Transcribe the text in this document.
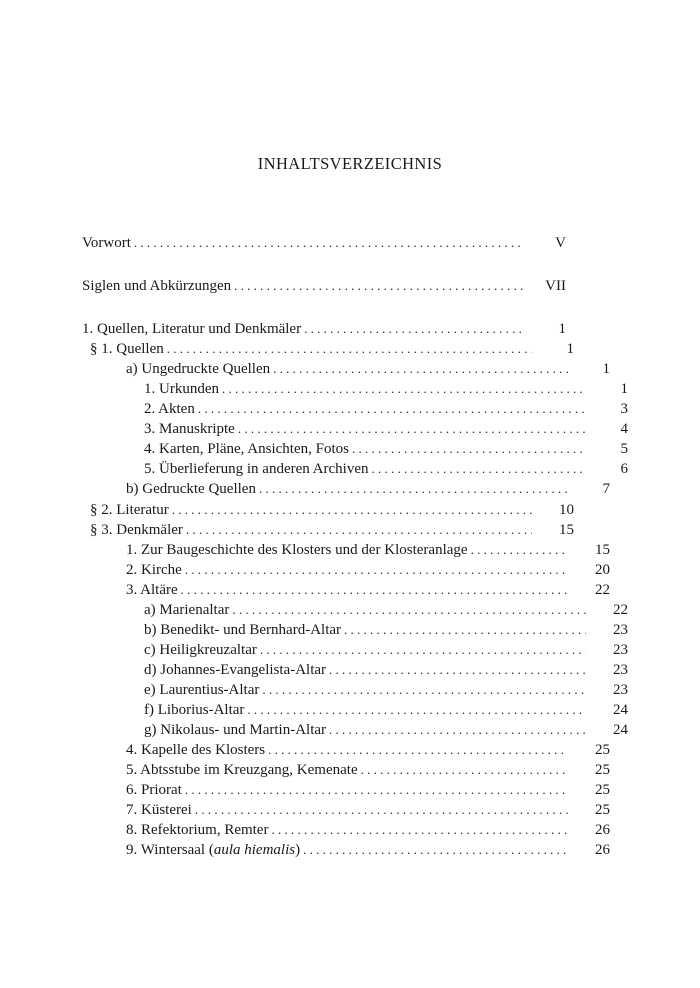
INHALTSVERZEICHNIS
Vorwort . . .	V
Siglen und Abkürzungen . . .	VII
1. Quellen, Literatur und Denkmäler . . .	1
§ 1. Quellen . . .	1
a) Ungedruckte Quellen . . .	1
1. Urkunden . . .	1
2. Akten . . .	3
3. Manuskripte . . .	4
4. Karten, Pläne, Ansichten, Fotos . . .	5
5. Überlieferung in anderen Archiven . . .	6
b) Gedruckte Quellen . . .	7
§ 2. Literatur . . .	10
§ 3. Denkmäler . . .	15
1. Zur Baugeschichte des Klosters und der Klosteranlage . . .	15
2. Kirche . . .	20
3. Altäre . . .	22
a) Marienaltar . . .	22
b) Benedikt- und Bernhard-Altar . . .	23
c) Heiligkreuzaltar . . .	23
d) Johannes-Evangelista-Altar . . .	23
e) Laurentius-Altar . . .	23
f) Liborius-Altar . . .	24
g) Nikolaus- und Martin-Altar . . .	24
4. Kapelle des Klosters . . .	25
5. Abtsstube im Kreuzgang, Kemenate . . .	25
6. Priorat . . .	25
7. Küsterei . . .	25
8. Refektorium, Remter . . .	26
9. Wintersaal (aula hiemalis) . . .	26
